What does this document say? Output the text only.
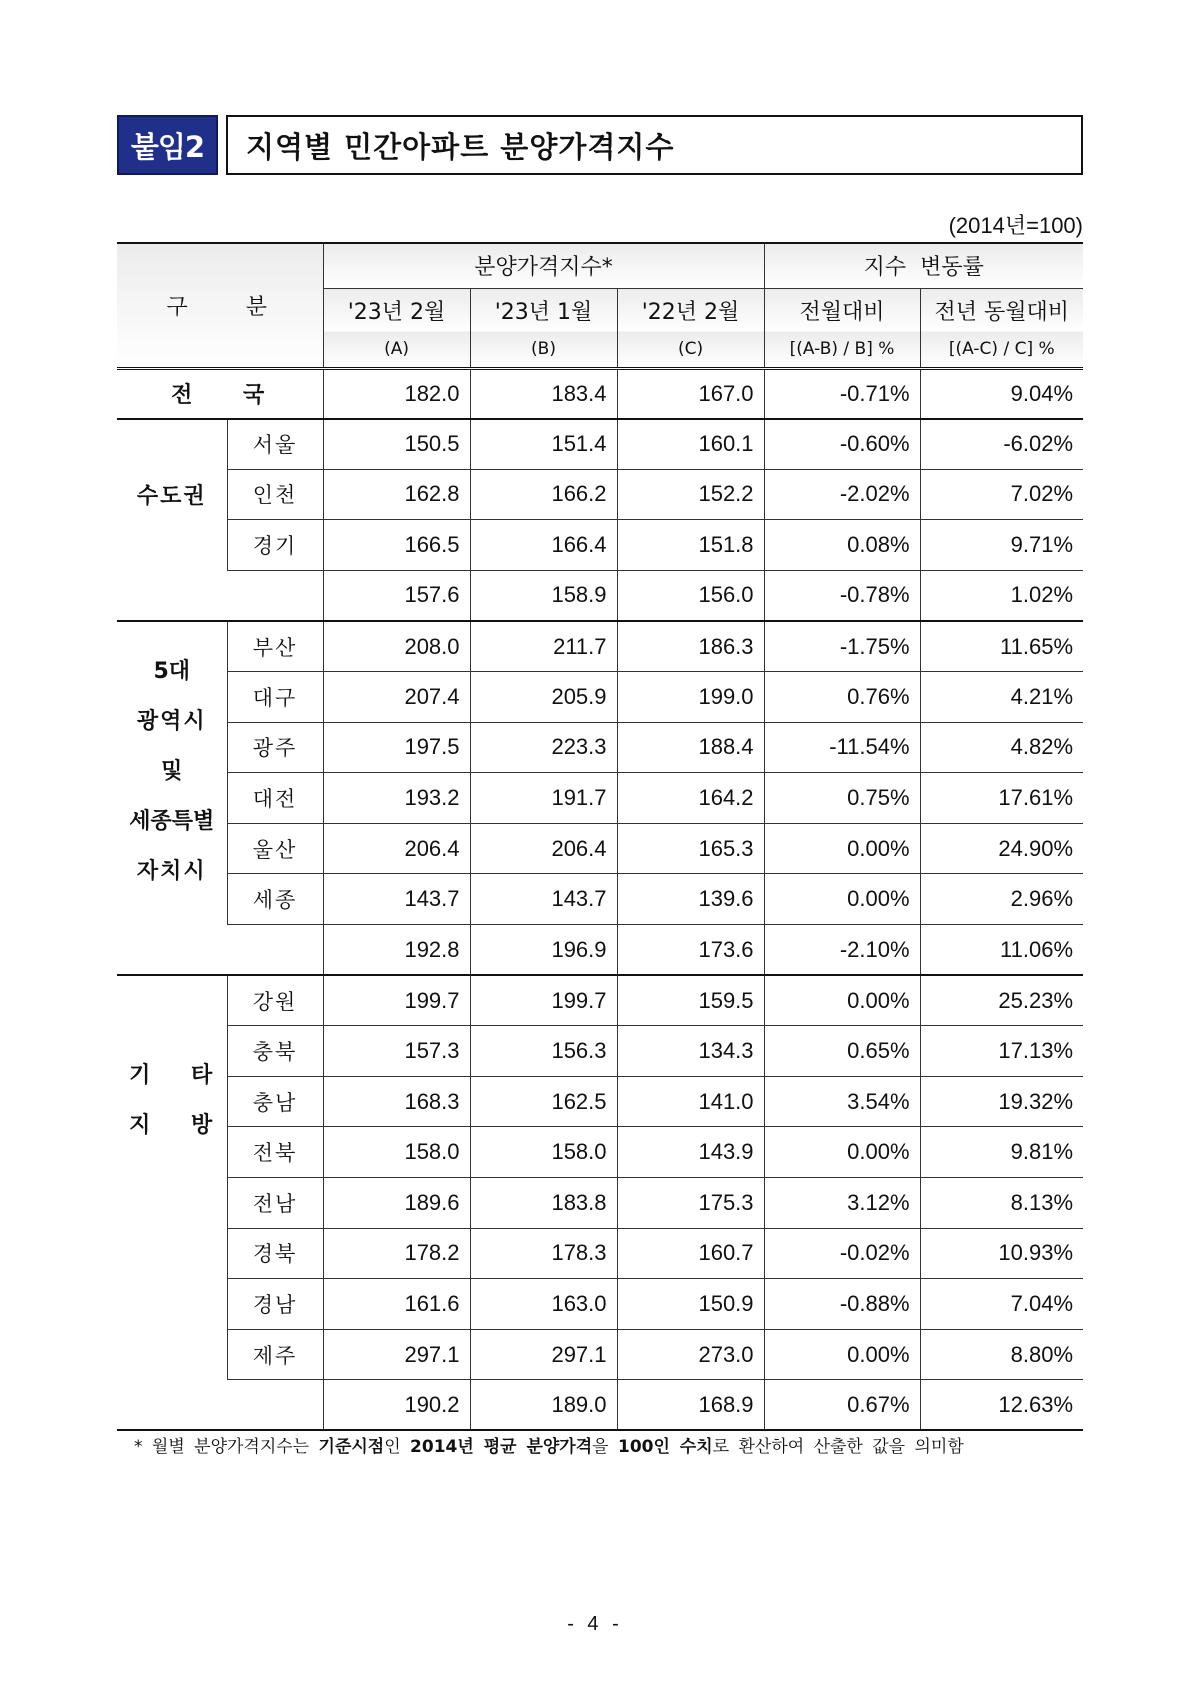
붙임2	지역별 민간아파트 분양가격지수
(2014년=100)
구    분		분양가격지수*			지수  변동률	
		'23년 2월	'23년 1월	'22년 2월	전월대비	전년 동월대비
		(A)	(B)	(C)	[(A-B) / B] %	[(A-C) / C] %
전    국		182.0	183.4	167.0	-0.71%	9.04%
수도권	서울	150.5	151.4	160.1	-0.60%	-6.02%
	인천	162.8	166.2	152.2	-2.02%	7.02%
	경기	166.5	166.4	151.8	0.08%	9.71%
		157.6	158.9	156.0	-0.78%	1.02%

5대
광역시
및
세종특별
자치시	부산	208.0	211.7	186.3	-1.75%	11.65%
	대구	207.4	205.9	199.0	0.76%	4.21%
	광주	197.5	223.3	188.4	-11.54%	4.82%
	대전	193.2	191.7	164.2	0.75%	17.61%
	울산	206.4	206.4	165.3	0.00%	24.90%
	세종	143.7	143.7	139.6	0.00%	2.96%
		192.8	196.9	173.6	-2.10%	11.06%

기    타
지    방	강원	199.7	199.7	159.5	0.00%	25.23%
	충북	157.3	156.3	134.3	0.65%	17.13%
	충남	168.3	162.5	141.0	3.54%	19.32%
	전북	158.0	158.0	143.9	0.00%	9.81%
	전남	189.6	183.8	175.3	3.12%	8.13%
	경북	178.2	178.3	160.7	-0.02%	10.93%
	경남	161.6	163.0	150.9	-0.88%	7.04%
	제주	297.1	297.1	273.0	0.00%	8.80%
		190.2	189.0	168.9	0.67%	12.63%
* 월별 분양가격지수는 기준시점인 2014년 평균 분양가격을 100인 수치로 환산하여 산출한 값을 의미함
- 4 -
